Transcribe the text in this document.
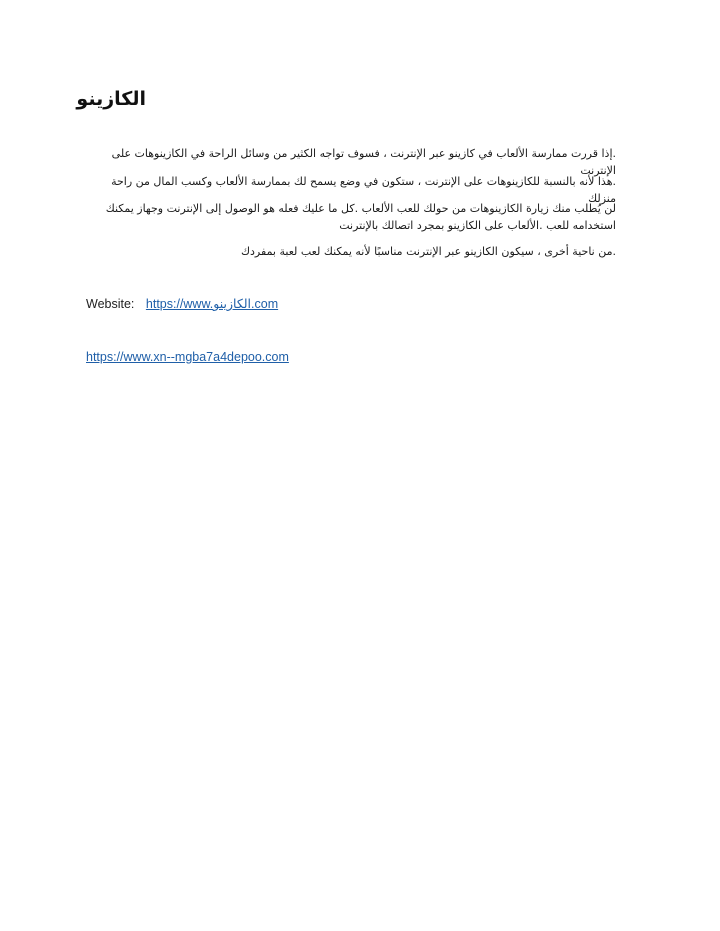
الكازينو

.إذا قررت ممارسة الألعاب في كازينو عبر الإنترنت ، فسوف تواجه الكثير من وسائل الراحة في الكازينوهات على الإنترنت

.هذا لأنه بالنسبة للكازينوهات على الإنترنت ، ستكون في وضع يسمح لك بممارسة الألعاب وكسب المال من راحة منزلك

لن يُطلب منك زيارة الكازينوهات من حولك للعب الألعاب .كل ما عليك فعله هو الوصول إلى الإنترنت وجهاز يمكنك استخدامه للعب .الألعاب على الكازينو بمجرد اتصالك بالإنترنت

.من ناحية أخرى ، سيكون الكازينو عبر الإنترنت مناسبًا لأنه يمكنك لعب لعبة بمفردك

Website: https://www.الكازينو.com
https://www.xn--mgba7a4depoo.com
